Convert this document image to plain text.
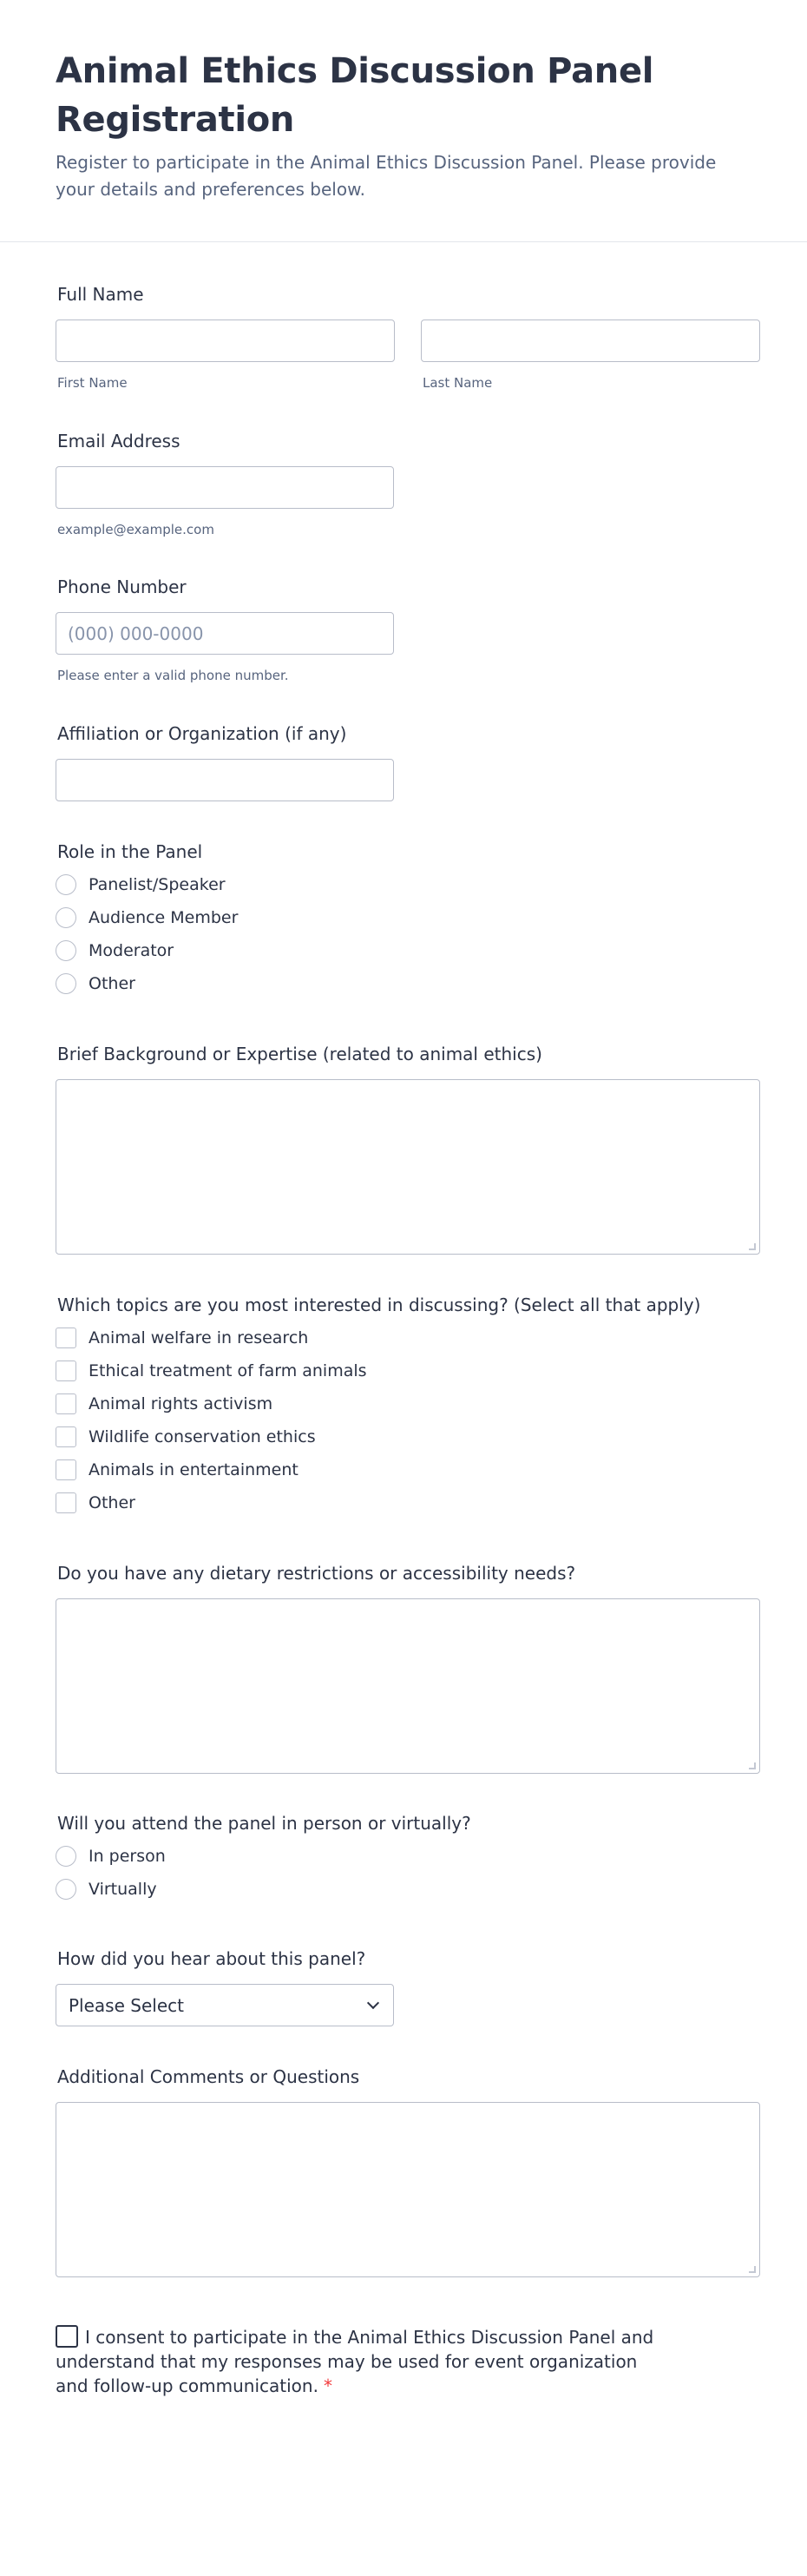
Animal Ethics Discussion Panel Registration
Register to participate in the Animal Ethics Discussion Panel. Please provide your details and preferences below.
Full Name
First Name	Last Name
Email Address
example@example.com
Phone Number
(000) 000-0000
Please enter a valid phone number.
Affiliation or Organization (if any)
Role in the Panel
Panelist/Speaker
Audience Member
Moderator
Other
Brief Background or Expertise (related to animal ethics)
Which topics are you most interested in discussing? (Select all that apply)
Animal welfare in research
Ethical treatment of farm animals
Animal rights activism
Wildlife conservation ethics
Animals in entertainment
Other
Do you have any dietary restrictions or accessibility needs?
Will you attend the panel in person or virtually?
In person
Virtually
How did you hear about this panel?
Please Select
Additional Comments or Questions
I consent to participate in the Animal Ethics Discussion Panel and understand that my responses may be used for event organization and follow-up communication. *
